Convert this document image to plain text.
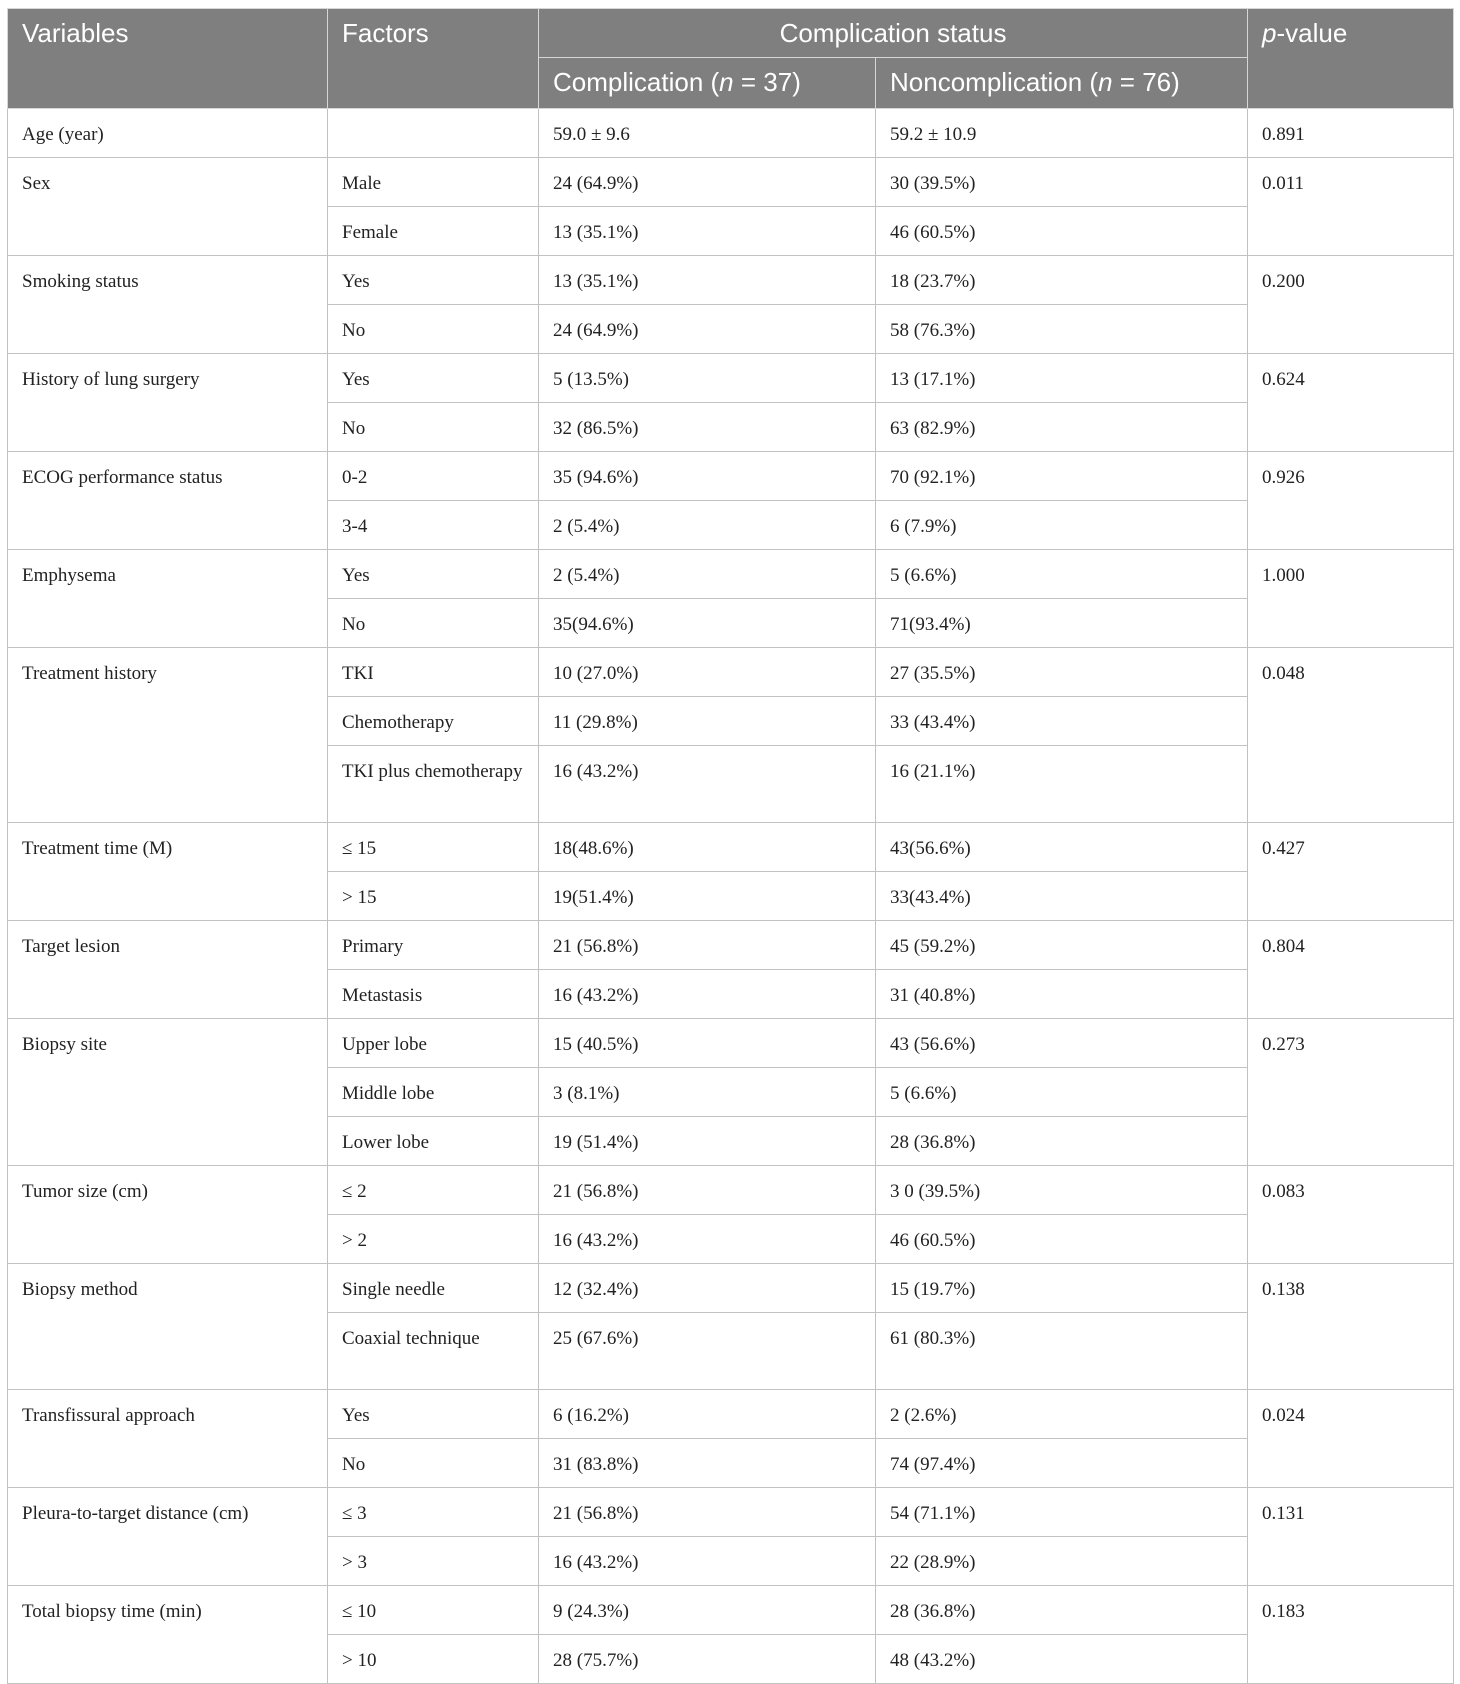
Variables	Factors	Complication status		p-value
		Complication (n = 37)	Noncomplication (n = 76)	
Age (year)		59.0 ± 9.6	59.2 ± 10.9	0.891
Sex	Male	24 (64.9%)	30 (39.5%)	0.011
	Female	13 (35.1%)	46 (60.5%)	
Smoking status	Yes	13 (35.1%)	18 (23.7%)	0.200
	No	24 (64.9%)	58 (76.3%)	
History of lung surgery	Yes	5 (13.5%)	13 (17.1%)	0.624
	No	32 (86.5%)	63 (82.9%)	
ECOG performance status	0-2	35 (94.6%)	70 (92.1%)	0.926
	3-4	2 (5.4%)	6 (7.9%)	
Emphysema	Yes	2 (5.4%)	5 (6.6%)	1.000
	No	35(94.6%)	71(93.4%)	
Treatment history	TKI	10 (27.0%)	27 (35.5%)	0.048
	Chemotherapy	11 (29.8%)	33 (43.4%)	
	TKI plus chemotherapy	16 (43.2%)	16 (21.1%)	
Treatment time (M)	≤ 15	18(48.6%)	43(56.6%)	0.427
	> 15	19(51.4%)	33(43.4%)	
Target lesion	Primary	21 (56.8%)	45 (59.2%)	0.804
	Metastasis	16 (43.2%)	31 (40.8%)	
Biopsy site	Upper lobe	15 (40.5%)	43 (56.6%)	0.273
	Middle lobe	3 (8.1%)	5 (6.6%)	
	Lower lobe	19 (51.4%)	28 (36.8%)	
Tumor size (cm)	≤ 2	21 (56.8%)	3 0 (39.5%)	0.083
	> 2	16 (43.2%)	46 (60.5%)	
Biopsy method	Single needle	12 (32.4%)	15 (19.7%)	0.138
	Coaxial technique	25 (67.6%)	61 (80.3%)	
Transfissural approach	Yes	6 (16.2%)	2 (2.6%)	0.024
	No	31 (83.8%)	74 (97.4%)	
Pleura-to-target distance (cm)	≤ 3	21 (56.8%)	54 (71.1%)	0.131
	> 3	16 (43.2%)	22 (28.9%)	
Total biopsy time (min)	≤ 10	9 (24.3%)	28 (36.8%)	0.183
	> 10	28 (75.7%)	48 (43.2%)	
